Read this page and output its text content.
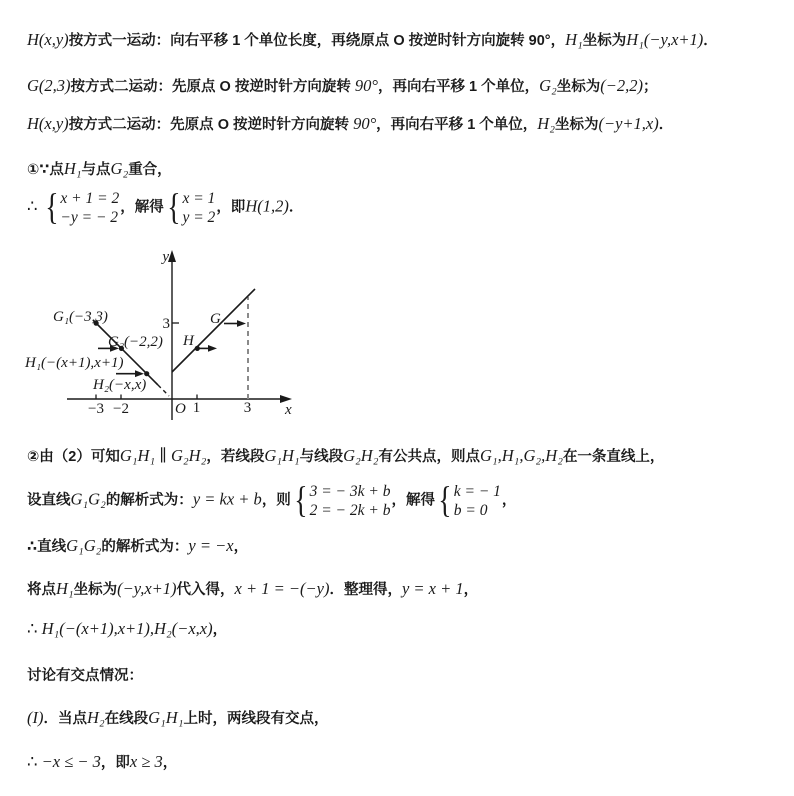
H(x,y)按方式一运动：向右平移 1 个单位长度，再绕原点 O 按逆时针方向旋转 90°，H₁坐标为H₁(−y,x+1)．
G(2,3)按方式二运动：先原点 O 按逆时针方向旋转 90°，再向右平移 1 个单位，G₂坐标为(−2,2)；
H(x,y)按方式二运动：先原点 O 按逆时针方向旋转 90°，再向右平移 1 个单位，H₂坐标为(−y+1,x)．
①∵点H₁与点G₂重合，
∴ { x + 1 = 2
−y = − 2
，解得 { x = 1
y = 2
，即H(1,2)．
②由（2）可知G₁H₁ ∥ G₂H₂，若线段G₁H₁与线段G₂H₂有公共点，则点G₁,H₁,G₂,H₂在一条直线上，
设直线G₁G₂的解析式为：y = kx + b，则 { 3 = − 3k + b
2 = − 2k + b
，解得 { k = − 1
b = 0
，
∴直线G₁G₂的解析式为：y = −x，
将点H₁坐标为(−y,x+1)代入得，x + 1 = −(−y)．整理得，y = x + 1，
∴ H₁(−(x+1),x+1),H₂(−x,x)，
讨论有交点情况：
(I)．当点H₂在线段G₁H₁上时，两线段有交点，
∴ −x ≤ − 3，即x ≥ 3，
y
x
O
−3 −2	1	3
3
G₁(−3,3)
G₂(−2,2)
H₁(−(x+1),x+1)
H₂(−x,x)
H
G
